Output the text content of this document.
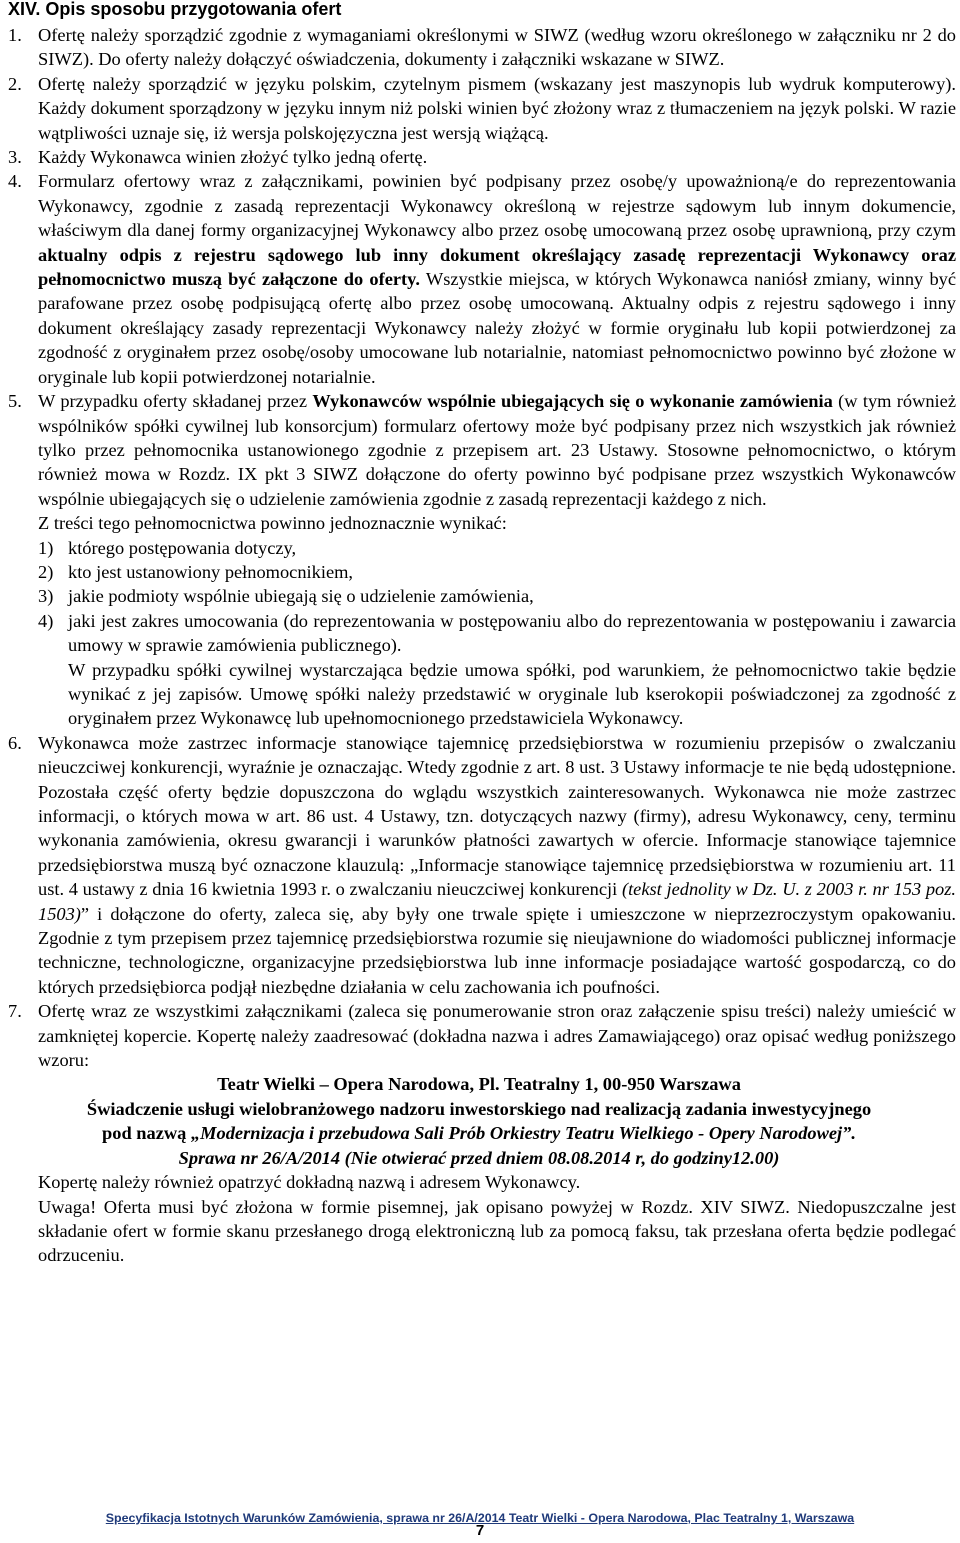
XIV. Opis sposobu przygotowania ofert
1. Ofertę należy sporządzić zgodnie z wymaganiami określonymi w SIWZ (według wzoru określonego w załączniku nr 2 do SIWZ). Do oferty należy dołączyć oświadczenia, dokumenty i załączniki wskazane w SIWZ.
2. Ofertę należy sporządzić w języku polskim, czytelnym pismem (wskazany jest maszynopis lub wydruk komputerowy). Każdy dokument sporządzony w języku innym niż polski winien być złożony wraz z tłumaczeniem na język polski. W razie wątpliwości uznaje się, iż wersja polskojęzyczna jest wersją wiążącą.
3. Każdy Wykonawca winien złożyć tylko jedną ofertę.
4. Formularz ofertowy wraz z załącznikami, powinien być podpisany przez osobę/y upoważnioną/e do reprezentowania Wykonawcy, zgodnie z zasadą reprezentacji Wykonawcy określoną w rejestrze sądowym lub innym dokumencie, właściwym dla danej formy organizacyjnej Wykonawcy albo przez osobę umocowaną przez osobę uprawnioną, przy czym aktualny odpis z rejestru sądowego lub inny dokument określający zasadę reprezentacji Wykonawcy oraz pełnomocnictwo muszą być załączone do oferty. Wszystkie miejsca, w których Wykonawca naniósł zmiany, winny być parafowane przez osobę podpisującą ofertę albo przez osobę umocowaną. Aktualny odpis z rejestru sądowego i inny dokument określający zasady reprezentacji Wykonawcy należy złożyć w formie oryginału lub kopii potwierdzonej za zgodność z oryginałem przez osobę/osoby umocowane lub notarialnie, natomiast pełnomocnictwo powinno być złożone w oryginale lub kopii potwierdzonej notarialnie.
5. W przypadku oferty składanej przez Wykonawców wspólnie ubiegających się o wykonanie zamówienia (w tym również wspólników spółki cywilnej lub konsorcjum) formularz ofertowy może być podpisany przez nich wszystkich jak również tylko przez pełnomocnika ustanowionego zgodnie z przepisem art. 23 Ustawy. Stosowne pełnomocnictwo, o którym również mowa w Rozdz. IX pkt 3 SIWZ dołączone do oferty powinno być podpisane przez wszystkich Wykonawców wspólnie ubiegających się o udzielenie zamówienia zgodnie z zasadą reprezentacji każdego z nich.
Z treści tego pełnomocnictwa powinno jednoznacznie wynikać:
1) którego postępowania dotyczy,
2) kto jest ustanowiony pełnomocnikiem,
3) jakie podmioty wspólnie ubiegają się o udzielenie zamówienia,
4) jaki jest zakres umocowania (do reprezentowania w postępowaniu albo do reprezentowania w postępowaniu i zawarcia umowy w sprawie zamówienia publicznego).
W przypadku spółki cywilnej wystarczająca będzie umowa spółki, pod warunkiem, że pełnomocnictwo takie będzie wynikać z jej zapisów. Umowę spółki należy przedstawić w oryginale lub kserokopii poświadczonej za zgodność z oryginałem przez Wykonawcę lub upełnomocnionego przedstawiciela Wykonawcy.
6. Wykonawca może zastrzec informacje stanowiące tajemnicę przedsiębiorstwa w rozumieniu przepisów o zwalczaniu nieuczciwej konkurencji, wyraźnie je oznaczając. Wtedy zgodnie z art. 8 ust. 3 Ustawy informacje te nie będą udostępnione. Pozostała część oferty będzie dopuszczona do wglądu wszystkich zainteresowanych. Wykonawca nie może zastrzec informacji, o których mowa w art. 86 ust. 4 Ustawy, tzn. dotyczących nazwy (firmy), adresu Wykonawcy, ceny, terminu wykonania zamówienia, okresu gwarancji i warunków płatności zawartych w ofercie. Informacje stanowiące tajemnice przedsiębiorstwa muszą być oznaczone klauzulą: „Informacje stanowiące tajemnicę przedsiębiorstwa w rozumieniu art. 11 ust. 4 ustawy z dnia 16 kwietnia 1993 r. o zwalczaniu nieuczciwej konkurencji (tekst jednolity w Dz. U. z 2003 r. nr 153 poz. 1503)” i dołączone do oferty, zaleca się, aby były one trwale spięte i umieszczone w nieprzezroczystym opakowaniu. Zgodnie z tym przepisem przez tajemnicę przedsiębiorstwa rozumie się nieujawnione do wiadomości publicznej informacje techniczne, technologiczne, organizacyjne przedsiębiorstwa lub inne informacje posiadające wartość gospodarczą, co do których przedsiębiorca podjął niezbędne działania w celu zachowania ich poufności.
7. Ofertę wraz ze wszystkimi załącznikami (zaleca się ponumerowanie stron oraz załączenie spisu treści) należy umieścić w zamkniętej kopercie. Kopertę należy zaadresować (dokładna nazwa i adres Zamawiającego) oraz opisać według poniższego wzoru:
Teatr Wielki – Opera Narodowa, Pl. Teatralny 1, 00-950 Warszawa
Świadczenie usługi wielobranżowego nadzoru inwestorskiego nad realizacją zadania inwestycyjnego
pod nazwą „Modernizacja i przebudowa Sali Prób Orkiestry Teatru Wielkiego - Opery Narodowej”.
Sprawa nr 26/A/2014 (Nie otwierać przed dniem 08.08.2014 r, do godziny12.00)
Kopertę należy również opatrzyć dokładną nazwą i adresem Wykonawcy.
Uwaga! Oferta musi być złożona w formie pisemnej, jak opisano powyżej w Rozdz. XIV SIWZ. Niedopuszczalne jest składanie ofert w formie skanu przesłanego drogą elektroniczną lub za pomocą faksu, tak przesłana oferta będzie podlegać odrzuceniu.
Specyfikacja Istotnych Warunków Zamówienia, sprawa nr 26/A/2014 Teatr Wielki - Opera Narodowa, Plac Teatralny 1, Warszawa
7
